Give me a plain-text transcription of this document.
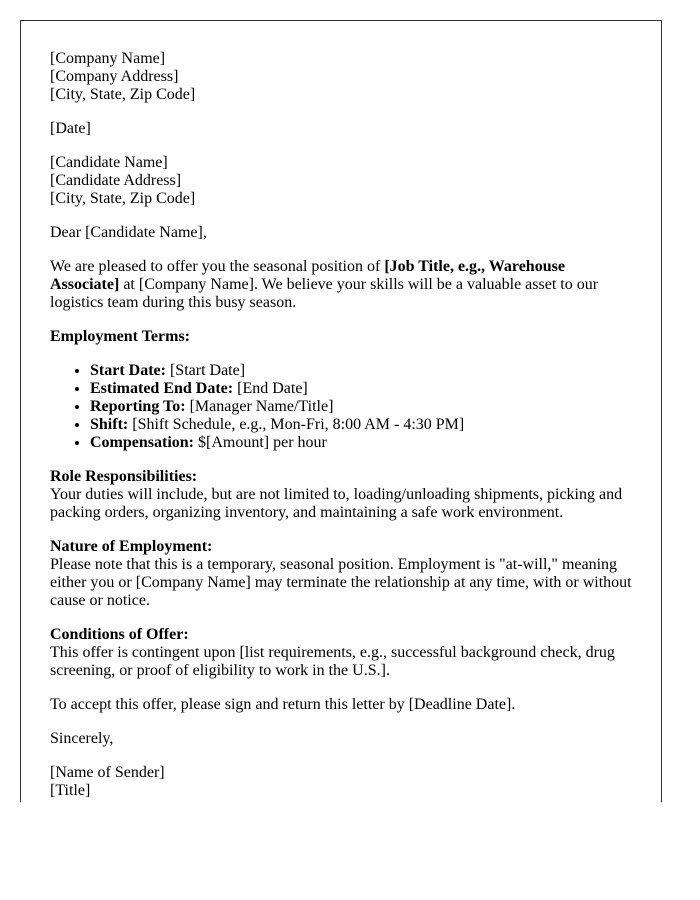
[Company Name]
[Company Address]
[City, State, Zip Code]

[Date]

[Candidate Name]
[Candidate Address]
[City, State, Zip Code]

Dear [Candidate Name],

We are pleased to offer you the seasonal position of [Job Title, e.g., Warehouse Associate] at [Company Name]. We believe your skills will be a valuable asset to our logistics team during this busy season.

Employment Terms:

• Start Date: [Start Date]
• Estimated End Date: [End Date]
• Reporting To: [Manager Name/Title]
• Shift: [Shift Schedule, e.g., Mon-Fri, 8:00 AM - 4:30 PM]
• Compensation: $[Amount] per hour

Role Responsibilities:
Your duties will include, but are not limited to, loading/unloading shipments, picking and packing orders, organizing inventory, and maintaining a safe work environment.

Nature of Employment:
Please note that this is a temporary, seasonal position. Employment is "at-will," meaning either you or [Company Name] may terminate the relationship at any time, with or without cause or notice.

Conditions of Offer:
This offer is contingent upon [list requirements, e.g., successful background check, drug screening, or proof of eligibility to work in the U.S.].

To accept this offer, please sign and return this letter by [Deadline Date].

Sincerely,

[Name of Sender]
[Title]
